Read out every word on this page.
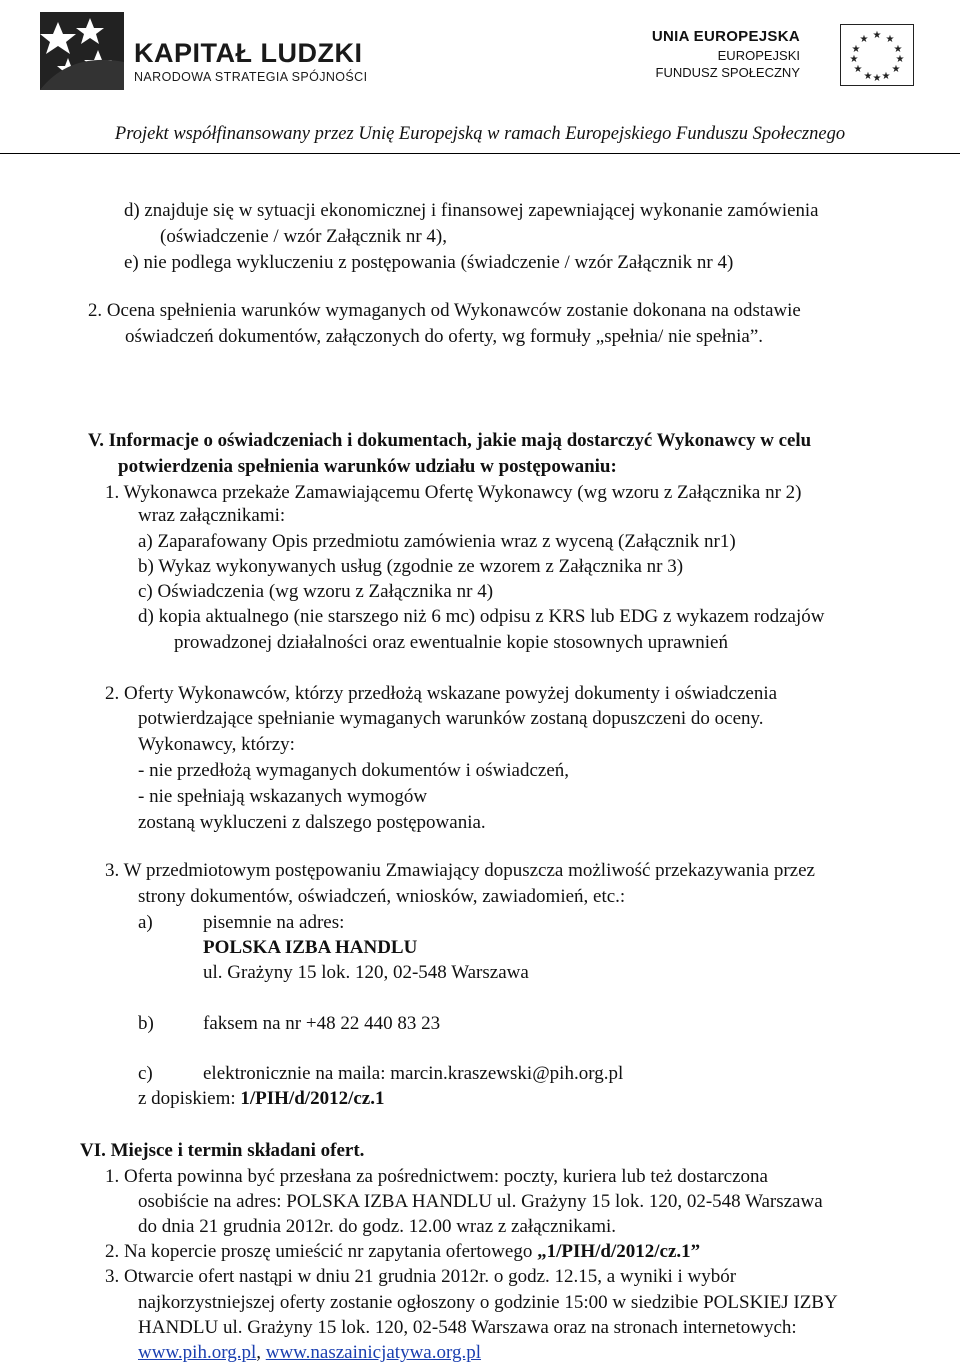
KAPITAŁ LUDZKI
NARODOWA STRATEGIA SPÓJNOŚCI
UNIA EUROPEJSKA
EUROPEJSKI
FUNDUSZ SPOŁECZNY
★ ★
★
★
★
★
★
★
★
★
★
★
Projekt współfinansowany przez Unię Europejską w ramach Europejskiego Funduszu Społecznego
d) znajduje się w sytuacji ekonomicznej i finansowej zapewniającej wykonanie zamówienia
(oświadczenie / wzór Załącznik nr 4),
e) nie podlega wykluczeniu z postępowania (świadczenie / wzór Załącznik nr 4)
2. Ocena spełnienia warunków wymaganych od Wykonawców zostanie dokonana na odstawie
oświadczeń dokumentów, załączonych do oferty, wg formuły „spełnia/ nie spełnia”.
V. Informacje o oświadczeniach i dokumentach, jakie mają dostarczyć Wykonawcy w celu
potwierdzenia spełnienia warunków udziału w postępowaniu:
1. Wykonawca przekaże Zamawiającemu Ofertę Wykonawcy (wg wzoru z Załącznika nr 2)
wraz załącznikami:
a) Zaparafowany Opis przedmiotu zamówienia wraz z wyceną (Załącznik nr1)
b) Wykaz wykonywanych usług (zgodnie ze wzorem z Załącznika nr 3)
c) Oświadczenia (wg wzoru z Załącznika nr 4)
d) kopia aktualnego (nie starszego niż 6 mc) odpisu z KRS lub EDG z wykazem rodzajów
prowadzonej działalności oraz ewentualnie kopie stosownych uprawnień
2. Oferty Wykonawców, którzy przedłożą wskazane powyżej dokumenty i oświadczenia
potwierdzające spełnianie wymaganych warunków zostaną dopuszczeni do oceny.
Wykonawcy, którzy:
- nie przedłożą wymaganych dokumentów i oświadczeń,
- nie spełniają wskazanych wymogów
zostaną wykluczeni z dalszego postępowania.
3. W przedmiotowym postępowaniu Zmawiający dopuszcza możliwość przekazywania przez
strony dokumentów, oświadczeń, wniosków, zawiadomień, etc.:
a)	pisemnie na adres:
POLSKA IZBA HANDLU
ul. Grażyny 15 lok. 120, 02-548 Warszawa
b)	faksem na nr +48 22 440 83 23
c)	elektronicznie na maila: marcin.kraszewski@pih.org.pl
z dopiskiem: 1/PIH/d/2012/cz.1
VI. Miejsce i termin składani ofert.
1. Oferta powinna być przesłana za pośrednictwem: poczty, kuriera lub też dostarczona
osobiście na adres: POLSKA IZBA HANDLU ul. Grażyny 15 lok. 120, 02-548 Warszawa
do dnia 21 grudnia 2012r. do godz. 12.00 wraz z załącznikami.
2. Na kopercie proszę umieścić nr zapytania ofertowego „1/PIH/d/2012/cz.1”
3. Otwarcie ofert nastąpi w dniu 21 grudnia 2012r. o godz. 12.15, a wyniki i wybór
najkorzystniejszej oferty zostanie ogłoszony o godzinie 15:00 w siedzibie POLSKIEJ IZBY
HANDLU ul. Grażyny 15 lok. 120, 02-548 Warszawa oraz na stronach internetowych:
www.pih.org.pl, www.naszainicjatywa.org.pl
